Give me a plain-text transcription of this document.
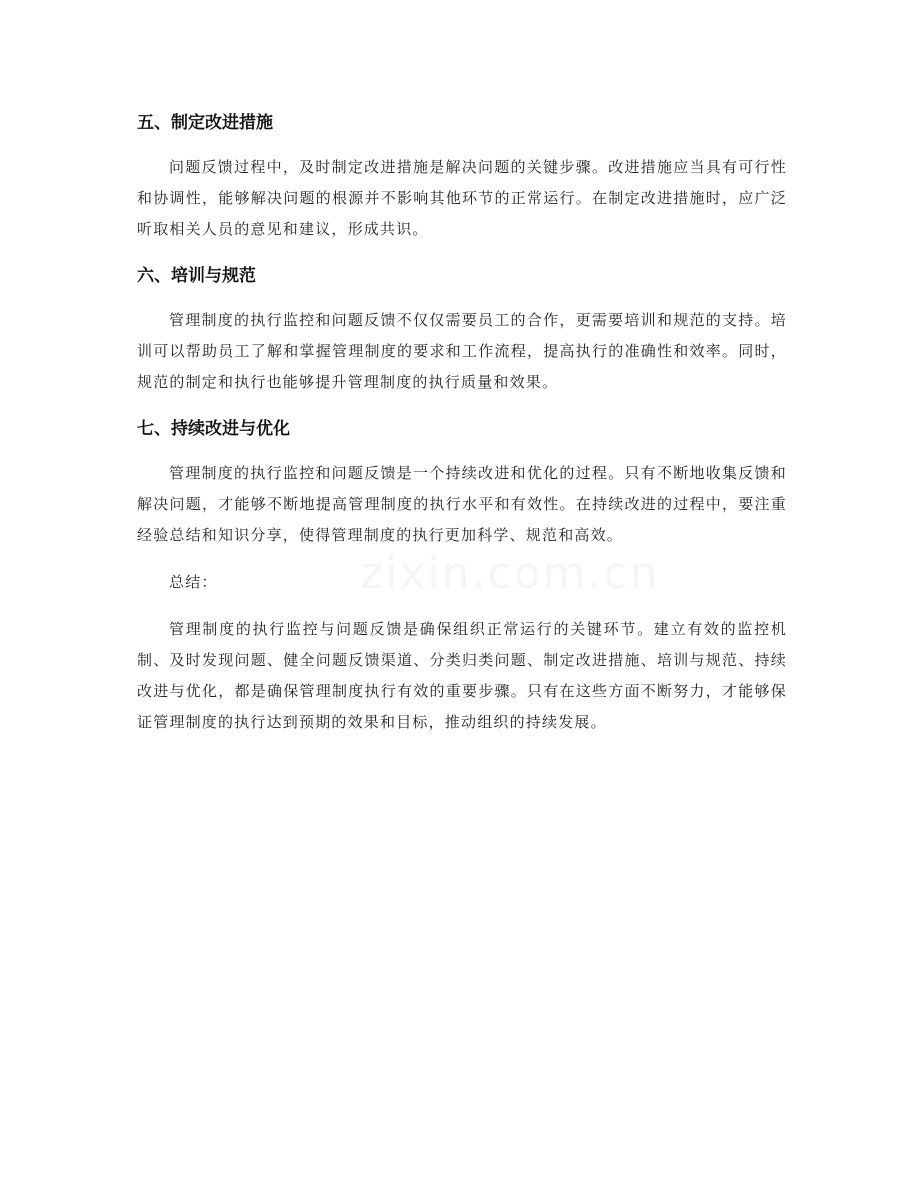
zixin.com.cn
五、制定改进措施

问题反馈过程中，及时制定改进措施是解决问题的关键步骤。改进措施应当具有可行性和协调性，能够解决问题的根源并不影响其他环节的正常运行。在制定改进措施时，应广泛听取相关人员的意见和建议，形成共识。

六、培训与规范

管理制度的执行监控和问题反馈不仅仅需要员工的合作，更需要培训和规范的支持。培训可以帮助员工了解和掌握管理制度的要求和工作流程，提高执行的准确性和效率。同时，规范的制定和执行也能够提升管理制度的执行质量和效果。

七、持续改进与优化

管理制度的执行监控和问题反馈是一个持续改进和优化的过程。只有不断地收集反馈和解决问题，才能够不断地提高管理制度的执行水平和有效性。在持续改进的过程中，要注重经验总结和知识分享，使得管理制度的执行更加科学、规范和高效。

总结：

管理制度的执行监控与问题反馈是确保组织正常运行的关键环节。建立有效的监控机制、及时发现问题、健全问题反馈渠道、分类归类问题、制定改进措施、培训与规范、持续改进与优化，都是确保管理制度执行有效的重要步骤。只有在这些方面不断努力，才能够保证管理制度的执行达到预期的效果和目标，推动组织的持续发展。
